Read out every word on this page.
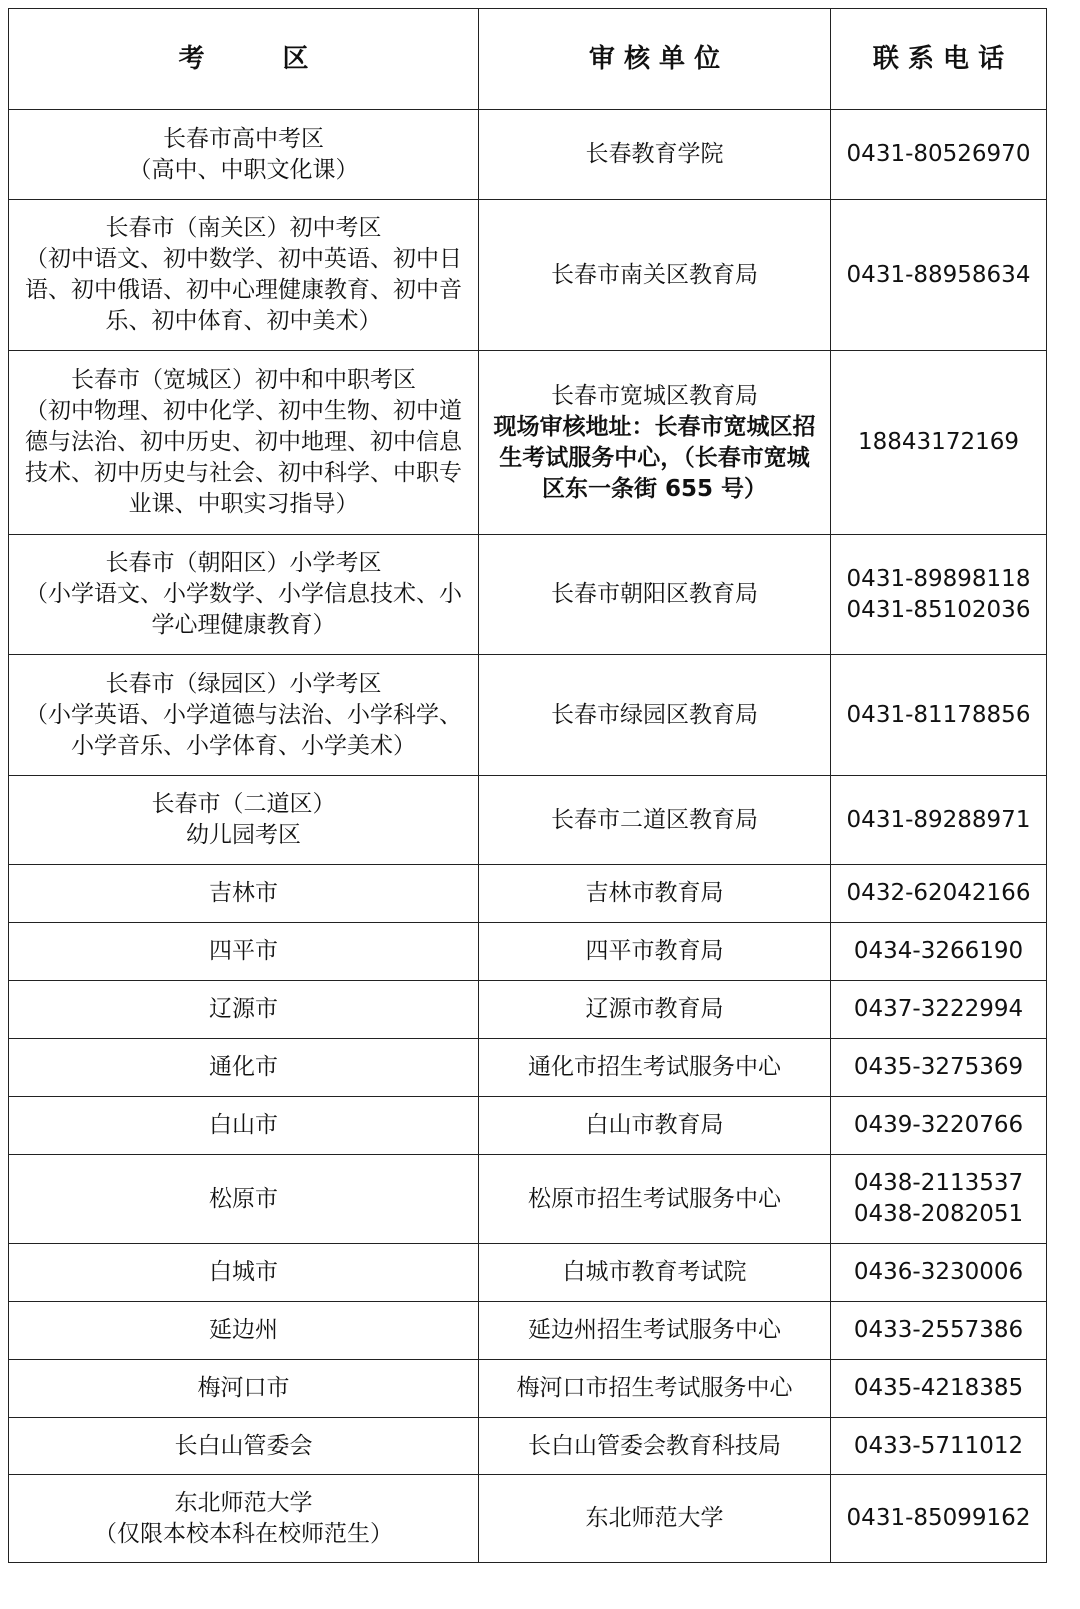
考　　　区	审 核 单 位	联 系 电 话

长春市高中考区
（高中、中职文化课）	长春教育学院	0431-80526970

长春市（南关区）初中考区
（初中语文、初中数学、初中英语、初中日
语、初中俄语、初中心理健康教育、初中音
乐、初中体育、初中美术）	长春市南关区教育局	0431-88958634

长春市（宽城区）初中和中职考区
（初中物理、初中化学、初中生物、初中道
德与法治、初中历史、初中地理、初中信息
技术、初中历史与社会、初中科学、中职专
业课、中职实习指导）	长春市宽城区教育局
现场审核地址：长春市宽城区招
生考试服务中心，（长春市宽城
区东一条街 655 号）	18843172169

长春市（朝阳区）小学考区
（小学语文、小学数学、小学信息技术、小
学心理健康教育）	长春市朝阳区教育局	0431-89898118
0431-85102036

长春市（绿园区）小学考区
（小学英语、小学道德与法治、小学科学、
小学音乐、小学体育、小学美术）	长春市绿园区教育局	0431-81178856

长春市（二道区）
幼儿园考区	长春市二道区教育局	0431-89288971

吉林市	吉林市教育局	0432-62042166

四平市	四平市教育局	0434-3266190

辽源市	辽源市教育局	0437-3222994

通化市	通化市招生考试服务中心	0435-3275369

白山市	白山市教育局	0439-3220766

松原市	松原市招生考试服务中心	0438-2113537
0438-2082051

白城市	白城市教育考试院	0436-3230006

延边州	延边州招生考试服务中心	0433-2557386

梅河口市	梅河口市招生考试服务中心	0435-4218385

长白山管委会	长白山管委会教育科技局	0433-5711012

东北师范大学
（仅限本校本科在校师范生）	东北师范大学	0431-85099162
